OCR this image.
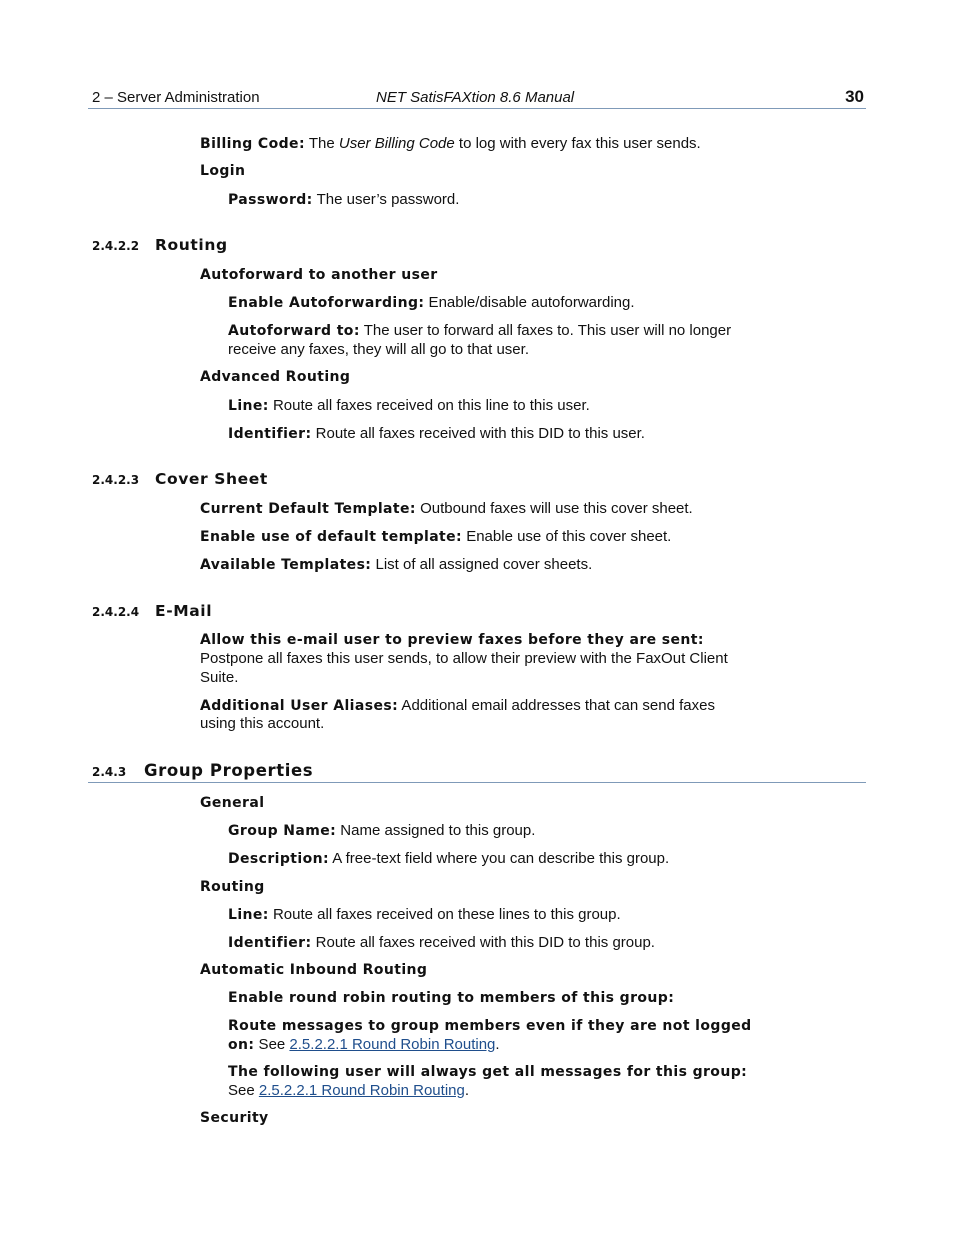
2 – Server Administration	NET SatisFAXtion 8.6 Manual	30
Billing Code: The User Billing Code to log with every fax this user sends.
Login
Password: The user’s password.
2.4.2.2 Routing
Autoforward to another user
Enable Autoforwarding: Enable/disable autoforwarding.
Autoforward to: The user to forward all faxes to. This user will no longer
receive any faxes, they will all go to that user.
Advanced Routing
Line: Route all faxes received on this line to this user.
Identifier: Route all faxes received with this DID to this user.
2.4.2.3 Cover Sheet
Current Default Template: Outbound faxes will use this cover sheet.
Enable use of default template: Enable use of this cover sheet.
Available Templates: List of all assigned cover sheets.
2.4.2.4 E-Mail
Allow this e-mail user to preview faxes before they are sent:
Postpone all faxes this user sends, to allow their preview with the FaxOut Client
Suite.
Additional User Aliases: Additional email addresses that can send faxes
using this account.
2.4.3 Group Properties
General
Group Name: Name assigned to this group.
Description: A free-text field where you can describe this group.
Routing
Line: Route all faxes received on these lines to this group.
Identifier: Route all faxes received with this DID to this group.
Automatic Inbound Routing
Enable round robin routing to members of this group:
Route messages to group members even if they are not logged
on: See 2.5.2.2.1 Round Robin Routing.
The following user will always get all messages for this group:
See 2.5.2.2.1 Round Robin Routing.
Security
